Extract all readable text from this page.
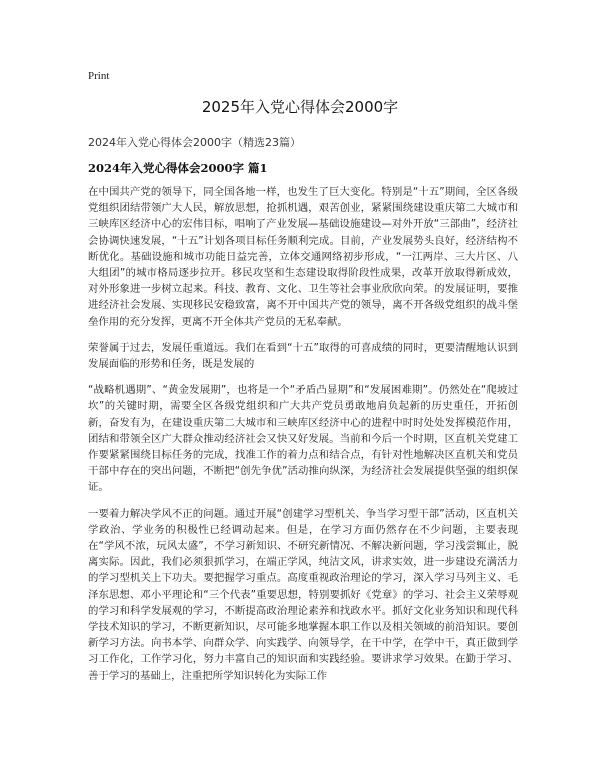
Print
2025年入党心得体会2000字
2024年入党心得体会2000字（精选23篇）
2024年入党心得体会2000字 篇1

在中国共产党的领导下，同全国各地一样，也发生了巨大变化。特别是“十五”期间，全区各级党组织团结带领广大人民，解放思想，抢抓机遇，艰苦创业，紧紧围绕建设重庆第二大城市和三峡库区经济中心的宏伟目标，唱响了产业发展—基础设施建设—对外开放“三部曲”，经济社会协调快速发展，“十五”计划各项目标任务顺利完成。目前，产业发展势头良好，经济结构不断优化。基础设施和城市功能日益完善，立体交通网络初步形成，“一江两岸、三大片区、八大组团”的城市格局逐步拉开。移民攻坚和生态建设取得阶段性成果，改革开放取得新成效，对外形象进一步树立起来。科技、教育、文化、卫生等社会事业欣欣向荣。的发展证明，要推进经济社会发展、实现移民安稳致富，离不开中国共产党的领导，离不开各级党组织的战斗堡垒作用的充分发挥，更离不开全体共产党员的无私奉献。

荣誉属于过去，发展任重道远。我们在看到“十五”取得的可喜成绩的同时，更要清醒地认识到发展面临的形势和任务，既是发展的

“战略机遇期”、“黄金发展期”，也将是一个“矛盾凸显期”和“发展困难期”。仍然处在“爬坡过坎”的关键时期，需要全区各级党组织和广大共产党员勇敢地肩负起新的历史重任，开拓创新，奋发有为，在建设重庆第二大城市和三峡库区经济中心的进程中时时处处发挥模范作用，团结和带领全区广大群众推动经济社会又快又好发展。当前和今后一个时期，区直机关党建工作要紧紧围绕目标任务的完成，找准工作的着力点和结合点，有针对性地解决区直机关和党员干部中存在的突出问题，不断把“创先争优”活动推向纵深，为经济社会发展提供坚强的组织保证。

一要着力解决学风不正的问题。通过开展“创建学习型机关、争当学习型干部”活动，区直机关学政治、学业务的积极性已经调动起来。但是，在学习方面仍然存在不少问题，主要表现在“学风不浓，玩风太盛”，不学习新知识、不研究新情况、不解决新问题，学习浅尝辄止，脱离实际。因此，我们必须狠抓学习，在端正学风，纯洁文风，讲求实效，进一步建设充满活力的学习型机关上下功夫。要把握学习重点。高度重视政治理论的学习，深入学习马列主义、毛泽东思想、邓小平理论和“三个代表”重要思想，特别要抓好《党章》的学习、社会主义荣辱观的学习和科学发展观的学习，不断提高政治理论素养和找政水平。抓好文化业务知识和现代科学技术知识的学习，不断更新知识，尽可能多地掌握本职工作以及相关领域的前沿知识。要创新学习方法。向书本学、向群众学、向实践学、向领导学，在干中学，在学中干，真正做到学习工作化，工作学习化，努力丰富自己的知识面和实践经验。要讲求学习效果。在勤于学习、善于学习的基础上，注重把所学知识转化为实际工作
